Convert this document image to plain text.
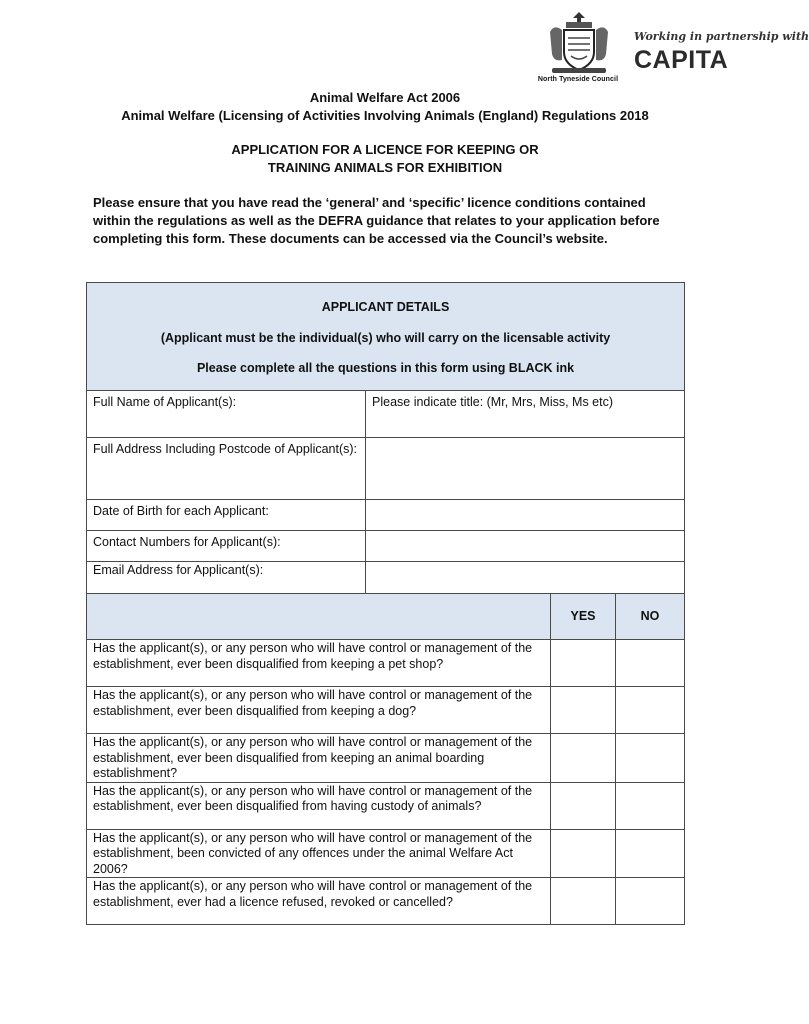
North Tyneside Council
Working in partnership with
CAPITA
Animal Welfare Act 2006
Animal Welfare (Licensing of Activities Involving Animals (England) Regulations 2018
APPLICATION FOR A LICENCE FOR KEEPING OR
TRAINING ANIMALS FOR EXHIBITION
Please ensure that you have read the ‘general’ and ‘specific’ licence conditions contained within the regulations as well as the DEFRA guidance that relates to your application before completing this form. These documents can be accessed via the Council’s website.
APPLICANT DETAILS
(Applicant must be the individual(s) who will carry on the licensable activity
Please complete all the questions in this form using BLACK ink			

Full Name of Applicant(s):	Please indicate title: (Mr, Mrs, Miss, Ms etc)		
Full Address Including Postcode of Applicant(s):			
Date of Birth for each Applicant:			
Contact Numbers for Applicant(s):			
Email Address for Applicant(s):			
		YES	NO
Has the applicant(s), or any person who will have control or management of the establishment, ever been disqualified from keeping a pet shop?			
Has the applicant(s), or any person who will have control or management of the establishment, ever been disqualified from keeping a dog?			
Has the applicant(s), or any person who will have control or management of the establishment, ever been disqualified from keeping an animal boarding establishment?			
Has the applicant(s), or any person who will have control or management of the establishment, ever been disqualified from having custody of animals?			
Has the applicant(s), or any person who will have control or management of the establishment, been convicted of any offences under the animal Welfare Act 2006?			
Has the applicant(s), or any person who will have control or management of the establishment, ever had a licence refused, revoked or cancelled?			
